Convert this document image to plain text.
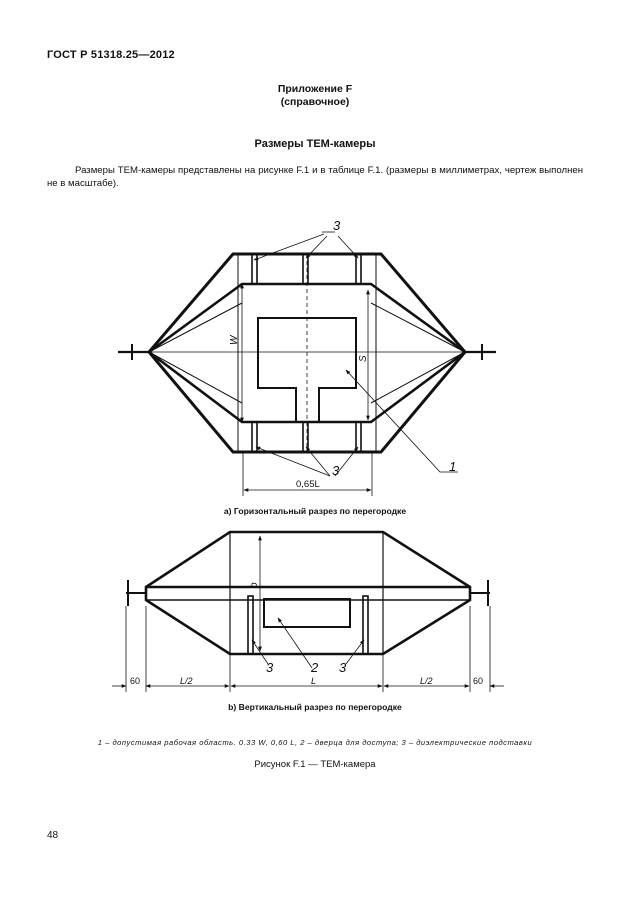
ГОСТ Р 51318.25—2012
Приложение F
(справочное)
Размеры ТЕМ-камеры
Размеры ТЕМ-камеры представлены на рисунке F.1 и в таблице F.1. (размеры в миллиметрах, чертеж выполнен не в масштабе).
3
3	1
W
S
0,65L
b
3	2 3
60	L/2	L	L/2	60
a) Горизонтальный разрез по перегородке
b) Вертикальный разрез по перегородке
1 – допустимая рабочая область. 0.33 W, 0,60 L, 2 – дверца для доступа; 3 – диэлектрические подставки
Рисунок F.1 — ТЕМ-камера
48
